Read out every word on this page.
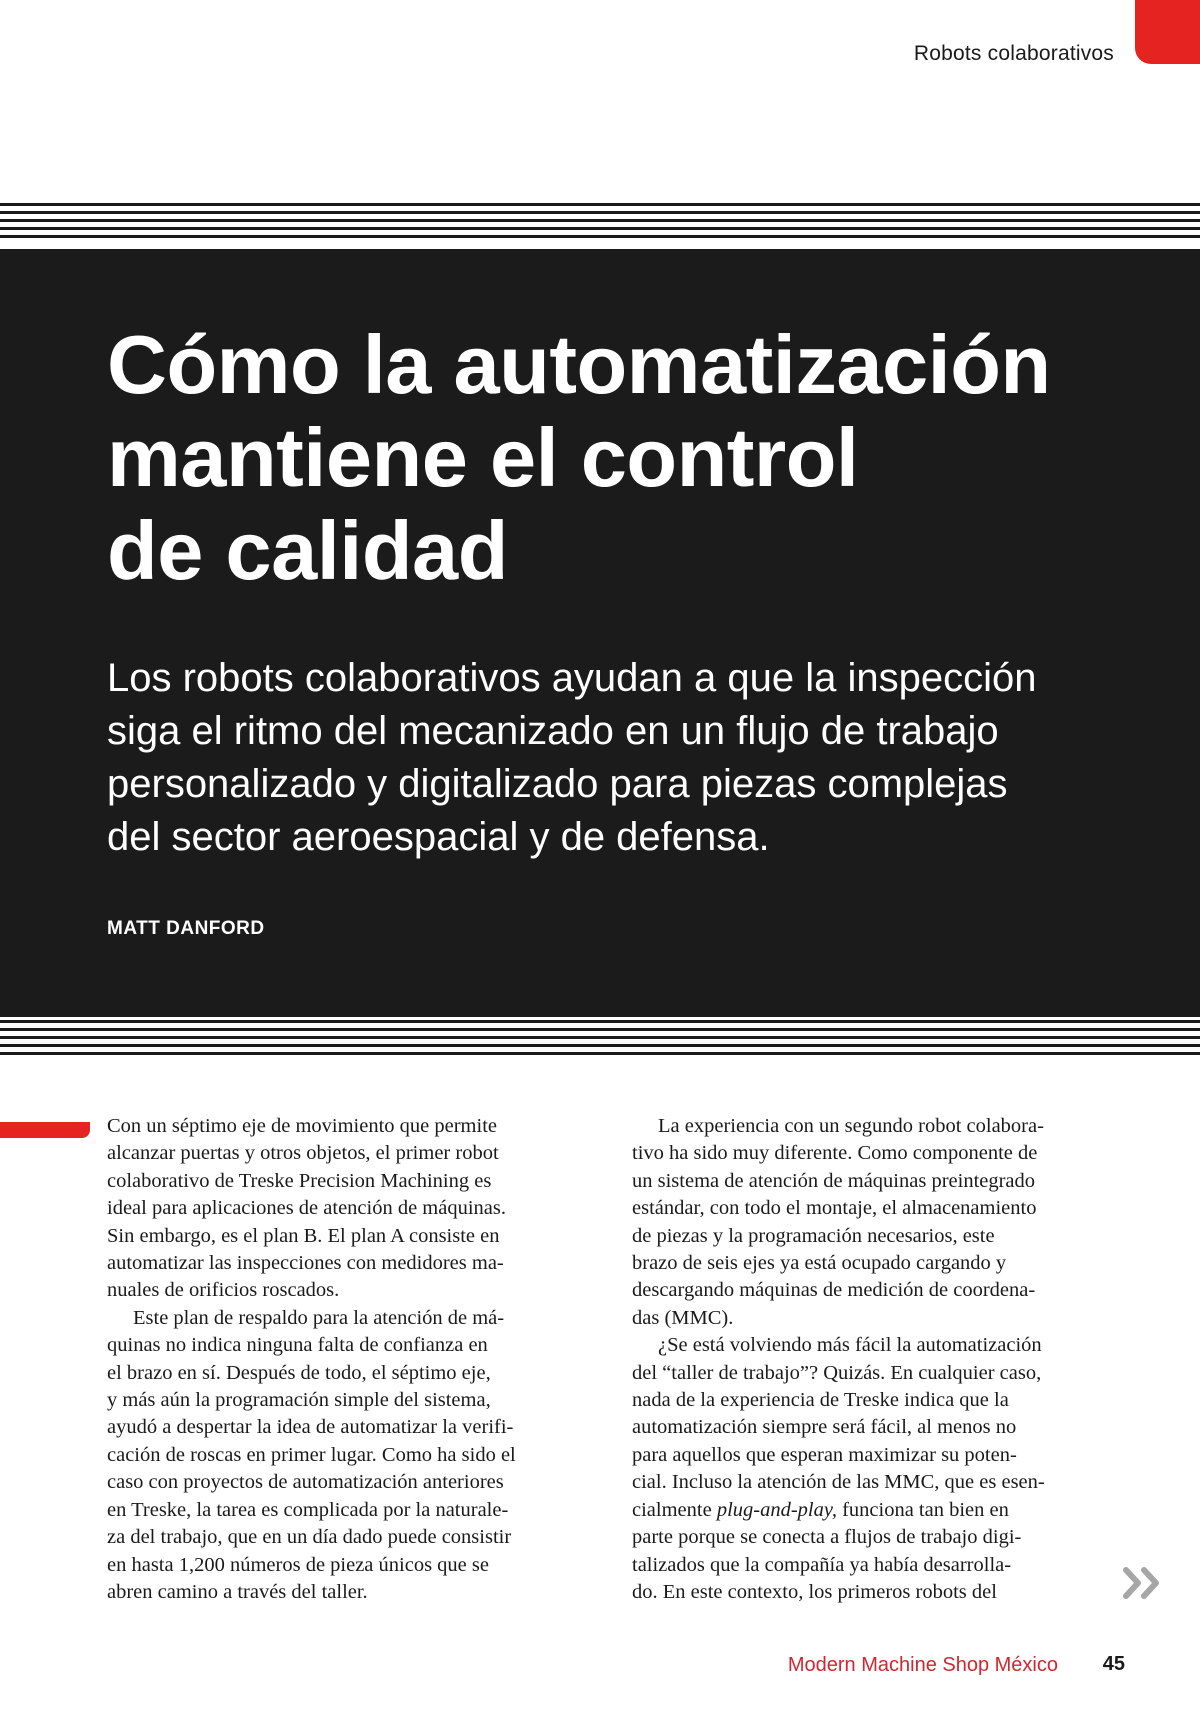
Robots colaborativos
Cómo la automatización
mantiene el control
de calidad

Los robots colaborativos ayudan a que la inspección
siga el ritmo del mecanizado en un flujo de trabajo
personalizado y digitalizado para piezas complejas
del sector aeroespacial y de defensa.

MATT DANFORD

Con un séptimo eje de movimiento que permite
alcanzar puertas y otros objetos, el primer robot
colaborativo de Treske Precision Machining es
ideal para aplicaciones de atención de máquinas.
Sin embargo, es el plan B. El plan A consiste en
automatizar las inspecciones con medidores ma-
nuales de orificios roscados.

Este plan de respaldo para la atención de má-
quinas no indica ninguna falta de confianza en
el brazo en sí. Después de todo, el séptimo eje,
y más aún la programación simple del sistema,
ayudó a despertar la idea de automatizar la verifi-
cación de roscas en primer lugar. Como ha sido el
caso con proyectos de automatización anteriores
en Treske, la tarea es complicada por la naturale-
za del trabajo, que en un día dado puede consistir
en hasta 1,200 números de pieza únicos que se
abren camino a través del taller.

La experiencia con un segundo robot colabora-
tivo ha sido muy diferente. Como componente de
un sistema de atención de máquinas preintegrado
estándar, con todo el montaje, el almacenamiento
de piezas y la programación necesarios, este
brazo de seis ejes ya está ocupado cargando y
descargando máquinas de medición de coordena-
das (MMC).

¿Se está volviendo más fácil la automatización
del “taller de trabajo”? Quizás. En cualquier caso,
nada de la experiencia de Treske indica que la
automatización siempre será fácil, al menos no
para aquellos que esperan maximizar su poten-
cial. Incluso la atención de las MMC, que es esen-
cialmente plug-and-play, funciona tan bien en
parte porque se conecta a flujos de trabajo digi-
talizados que la compañía ya había desarrolla-
do. En este contexto, los primeros robots del

Modern Machine Shop México 45
